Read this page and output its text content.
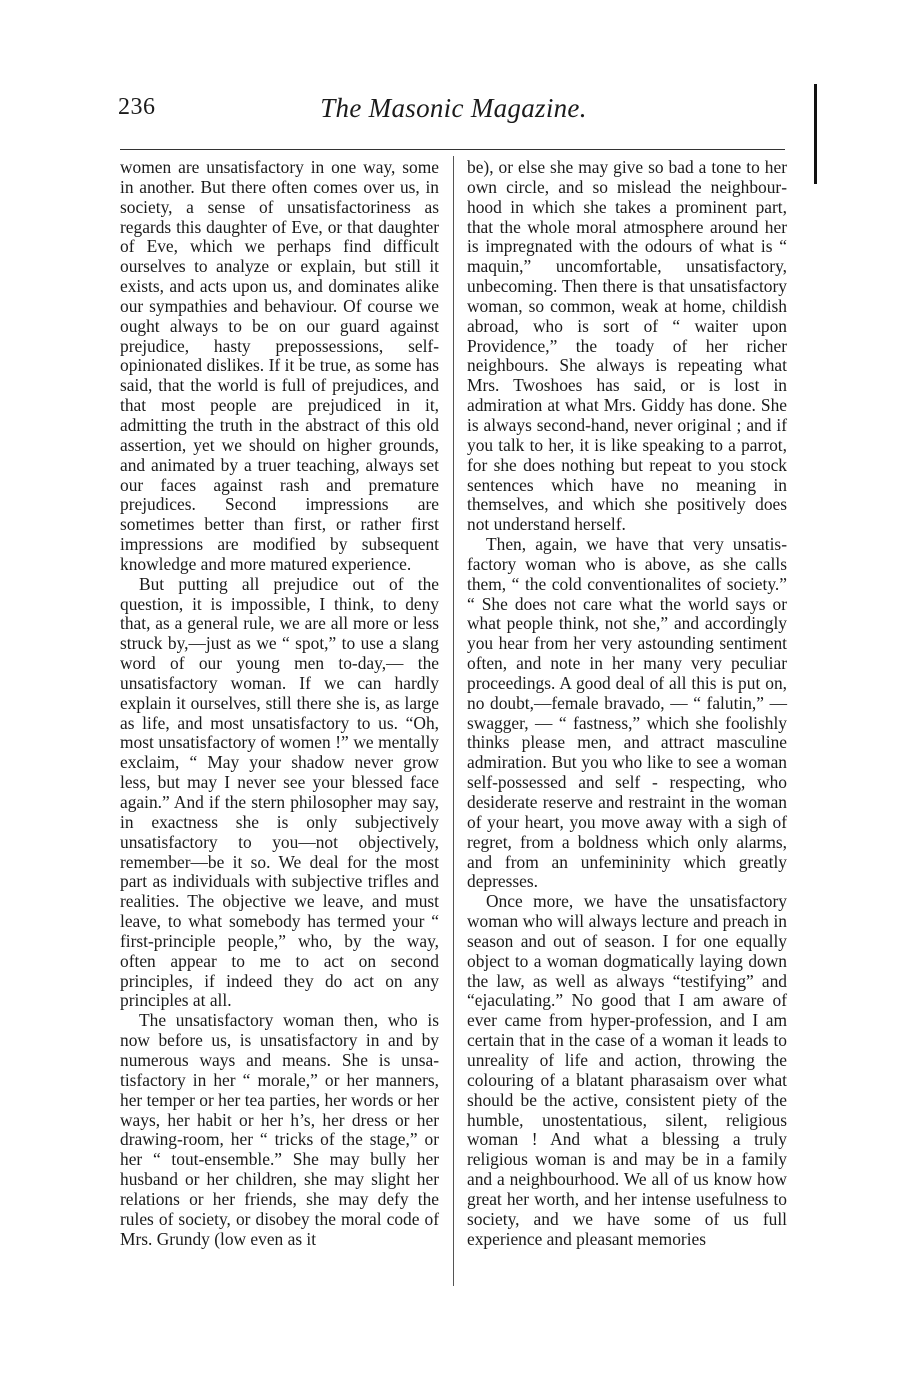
236	The Masonic Magazine.

women are unsatisfactory in one way, some in another. But there often comes over us, in society, a sense of unsatisfactoriness as regards this daughter of Eve, or that daughter of Eve, which we perhaps find difficult ourselves to analyze or explain, but still it exists, and acts upon us, and dominates alike our sympathies and behaviour. Of course we ought always to be on our guard against prejudice, hasty prepossessions, self-opinionated dislikes. If it be true, as some has said, that the world is full of prejudices, and that most people are prejudiced in it, admitting the truth in the abstract of this old assertion, yet we should on higher grounds, and animated by a truer teaching, always set our faces against rash and premature prejudices. Second impressions are sometimes better than first, or rather first impressions are modified by subsequent knowledge and more matured experience.

But putting all prejudice out of the question, it is impossible, I think, to deny that, as a general rule, we are all more or less struck by,—just as we “ spot,” to use a slang word of our young men to-day,— the unsatisfactory woman. If we can hardly explain it ourselves, still there she is, as large as life, and most unsatisfactory to us. “Oh, most unsatisfactory of women !” we mentally exclaim, “ May your shadow never grow less, but may I never see your blessed face again.” And if the stern philosopher may say, in exactness she is only subjectively unsatisfactory to you—not objectively, remember—be it so. We deal for the most part as individuals with subjective trifles and realities. The objective we leave, and must leave, to what somebody has termed your “ first-principle people,” who, by the way, often appear to me to act on second principles, if indeed they do act on any principles at all.

The unsatisfactory woman then, who is now before us, is unsatisfactory in and by numerous ways and means. She is unsatisfactory in her “ morale,” or her manners, her temper or her tea parties, her words or her ways, her habit or her h’s, her dress or her drawing-room, her “ tricks of the stage,” or her “ tout-ensemble.” She may bully her husband or her children, she may slight her relations or her friends, she may defy the rules of society, or disobey the moral code of Mrs. Grundy (low even as it

be), or else she may give so bad a tone to her own circle, and so mislead the neighbourhood in which she takes a prominent part, that the whole moral atmosphere around her is impregnated with the odours of what is “ maquin,” uncomfortable, unsatisfactory, unbecoming. Then there is that unsatisfactory woman, so common, weak at home, childish abroad, who is sort of “ waiter upon Providence,” the toady of her richer neighbours. She always is repeating what Mrs. Twoshoes has said, or is lost in admiration at what Mrs. Giddy has done. She is always second-hand, never original ; and if you talk to her, it is like speaking to a parrot, for she does nothing but repeat to you stock sentences which have no meaning in themselves, and which she positively does not understand herself.

Then, again, we have that very unsatisfactory woman who is above, as she calls them, “ the cold conventionalites of society.” “ She does not care what the world says or what people think, not she,” and accordingly you hear from her very astounding sentiment often, and note in her many very peculiar proceedings. A good deal of all this is put on, no doubt,—female bravado, — “ falutin,” — swagger, — “ fastness,” which she foolishly thinks please men, and attract masculine admiration. But you who like to see a woman self-possessed and self - respecting, who desiderate reserve and restraint in the woman of your heart, you move away with a sigh of regret, from a boldness which only alarms, and from an unfemininity which greatly depresses.

Once more, we have the unsatisfactory woman who will always lecture and preach in season and out of season. I for one equally object to a woman dogmatically laying down the law, as well as always “testifying” and “ejaculating.” No good that I am aware of ever came from hyper-profession, and I am certain that in the case of a woman it leads to unreality of life and action, throwing the colouring of a blatant pharasaism over what should be the active, consistent piety of the humble, unostentatious, silent, religious woman ! And what a blessing a truly religious woman is and may be in a family and a neighbourhood. We all of us know how great her worth, and her intense usefulness to society, and we have some of us full experience and pleasant memories
